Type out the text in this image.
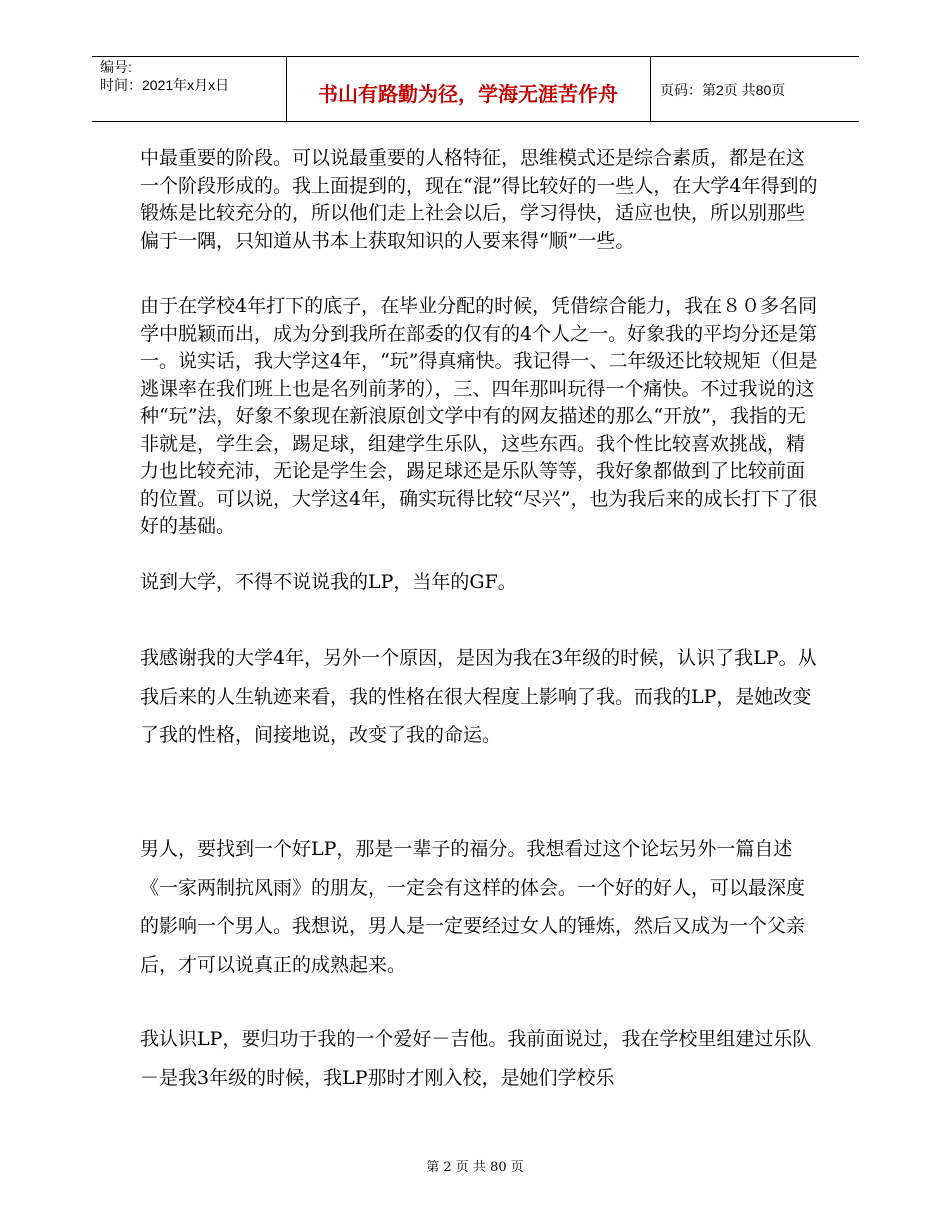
编号:
时间：2021年x月x日	书山有路勤为径，学海无涯苦作舟	页码：第2页 共80页

中最重要的阶段。可以说最重要的人格特征，思维模式还是综合素质，都是在这一个阶段形成的。我上面提到的，现在“混”得比较好的一些人，在大学4年得到的锻炼是比较充分的，所以他们走上社会以后，学习得快，适应也快，所以别那些偏于一隅，只知道从书本上获取知识的人要来得“顺”一些。

由于在学校4年打下的底子，在毕业分配的时候，凭借综合能力，我在８０多名同学中脱颖而出，成为分到我所在部委的仅有的4个人之一。好象我的平均分还是第一。说实话，我大学这4年，“玩”得真痛快。我记得一、二年级还比较规矩（但是逃课率在我们班上也是名列前茅的），三、四年那叫玩得一个痛快。不过我说的这种“玩”法，好象不象现在新浪原创文学中有的网友描述的那么“开放”，我指的无非就是，学生会，踢足球，组建学生乐队，这些东西。我个性比较喜欢挑战，精力也比较充沛，无论是学生会，踢足球还是乐队等等，我好象都做到了比较前面的位置。可以说，大学这4年，确实玩得比较“尽兴”，也为我后来的成长打下了很好的基础。

说到大学，不得不说说我的LP，当年的GF。

我感谢我的大学4年，另外一个原因，是因为我在3年级的时候，认识了我LP。从我后来的人生轨迹来看，我的性格在很大程度上影响了我。而我的LP，是她改变了我的性格，间接地说，改变了我的命运。

男人，要找到一个好LP，那是一辈子的福分。我想看过这个论坛另外一篇自述《一家两制抗风雨》的朋友，一定会有这样的体会。一个好的好人，可以最深度的影响一个男人。我想说，男人是一定要经过女人的锤炼，然后又成为一个父亲后，才可以说真正的成熟起来。

我认识LP，要归功于我的一个爱好－吉他。我前面说过，我在学校里组建过乐队－是我3年级的时候，我LP那时才刚入校，是她们学校乐

第 2 页 共 80 页
